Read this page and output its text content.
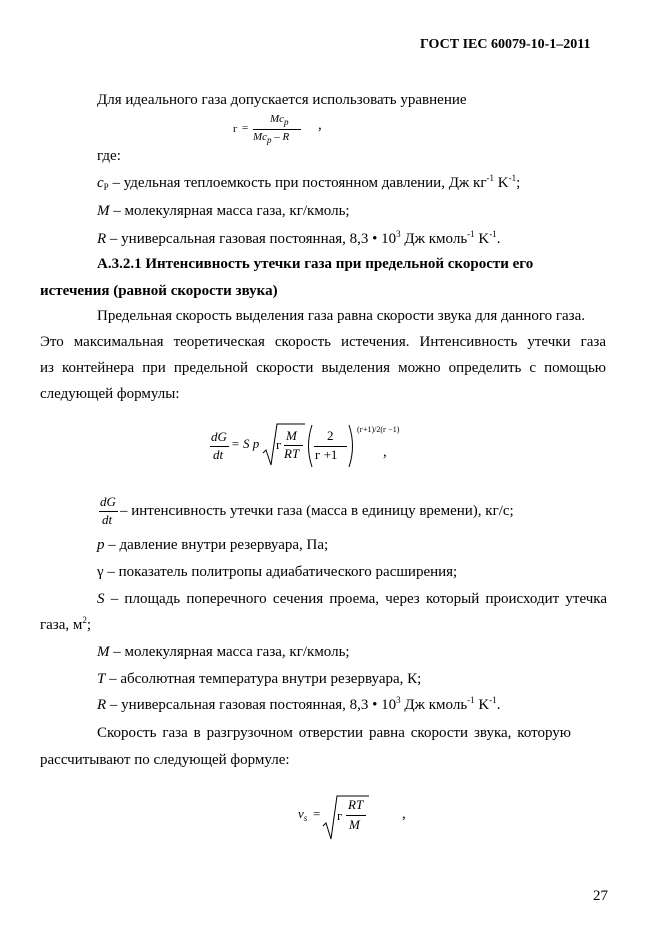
ГОСТ IEC 60079-10-1–2011
Для идеального газа допускается использовать уравнение
г =
$Mc_p$
$Mc_p$ – R
,
где:
$c_P$ – удельная теплоемкость при постоянном давлении, Дж $кг^{-1}$ $K^{-1}$;
M – молекулярная масса газа, кг/кмоль;
R – универсальная газовая постоянная, 8,3 • $10^3$ Дж кмоль$^{-1}$ $K^{-1}$.
A.3.2.1 Интенсивность утечки газа при предельной скорости его
истечения (равной скорости звука)
Предельная скорость выделения газа равна скорости звука для данного газа.
Это максимальная теоретическая скорость истечения. Интенсивность утечки газа
из контейнера при предельной скорости выделения можно определить с помощью
следующей формулы:
dG
dt
= S p г
M
RT
2
г +1
(г+1)/2(г −1)
,
dG
dt
– интенсивность утечки газа (масса в единицу времени), кг/с;
p – давление внутри резервуара, Па;
γ – показатель политропы адиабатического расширения;
S – площадь поперечного сечения проема, через который происходит утечка
газа, $м^2$;
M – молекулярная масса газа, кг/кмоль;
T – абсолютная температура внутри резервуара, К;
R – универсальная газовая постоянная, 8,3 • $10^3$ Дж кмоль$^{-1}$ $K^{-1}$.
Скорость газа в разгрузочном отверстии равна скорости звука, которую
рассчитывают по следующей формуле:
$v_s = г$
RT
M
,
27
